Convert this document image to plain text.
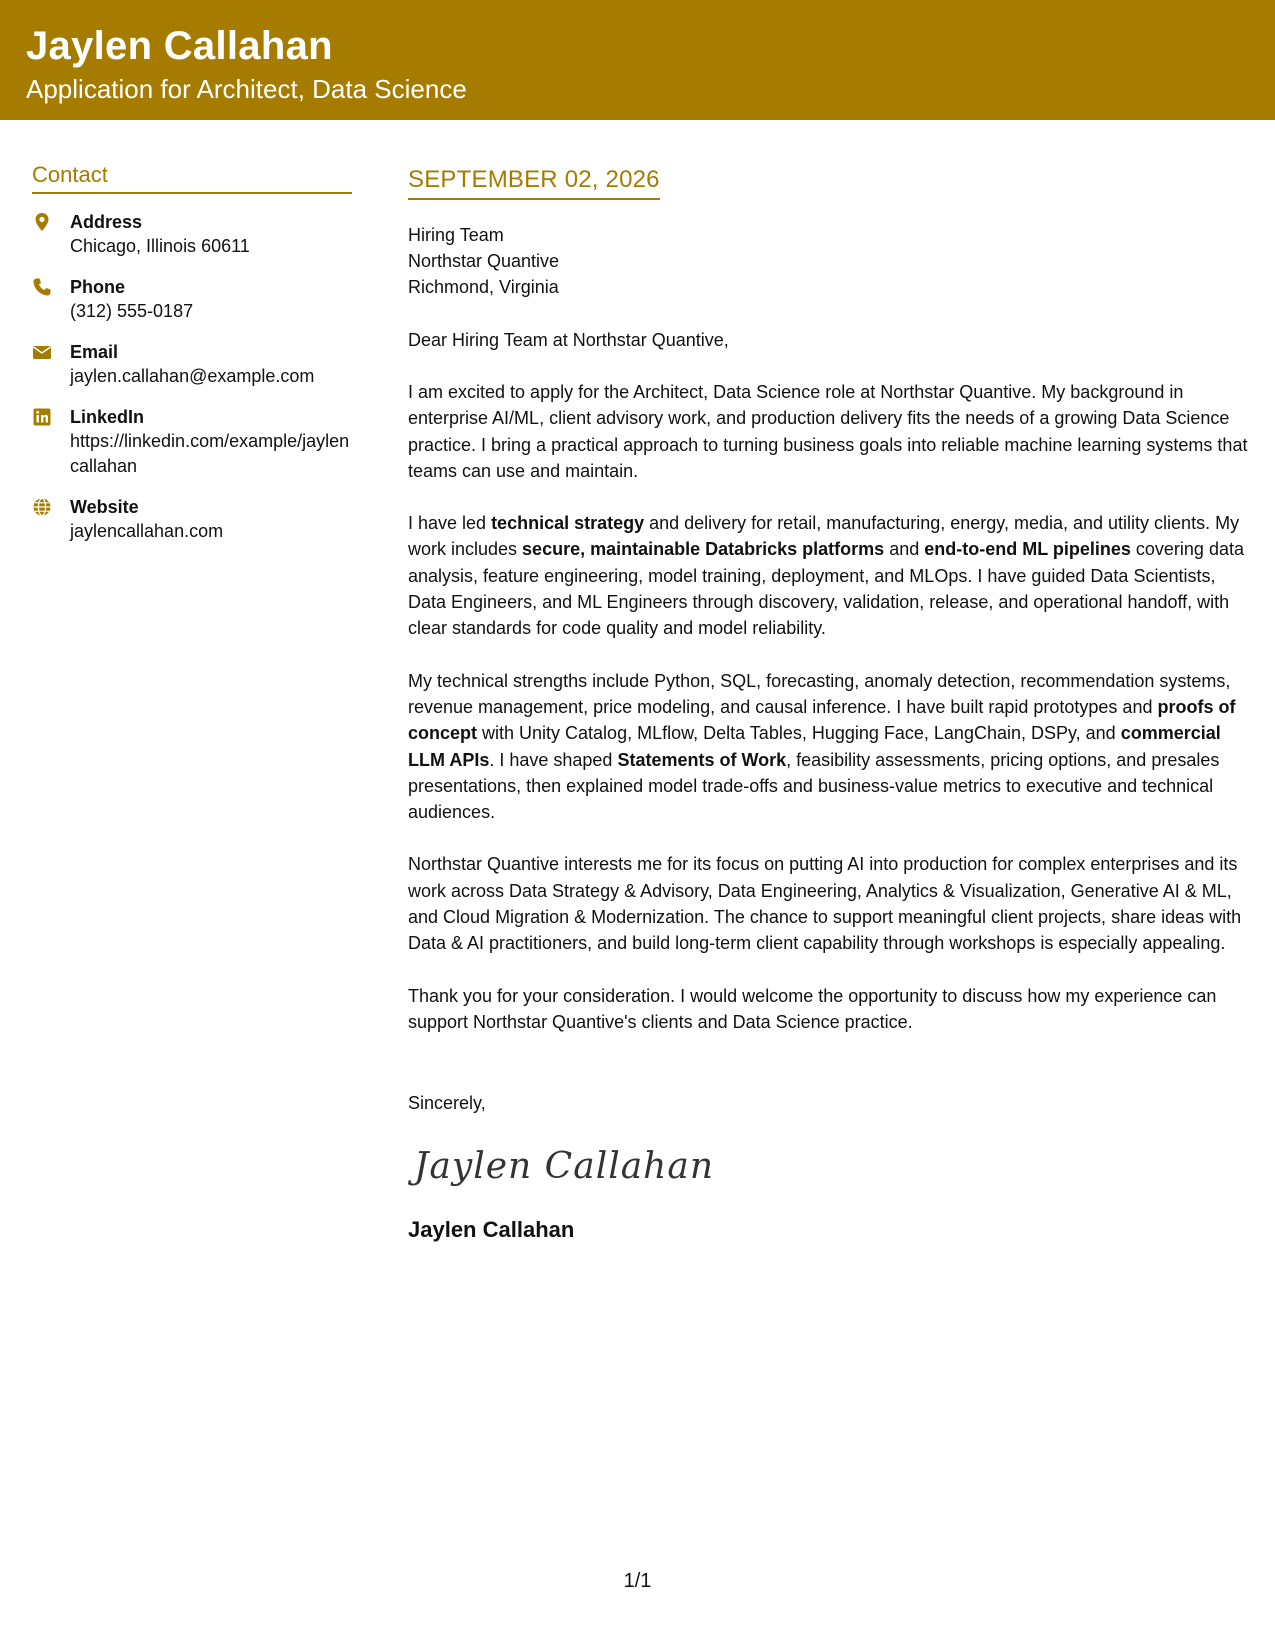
Jaylen Callahan
Application for Architect, Data Science
Contact
Address
Chicago, Illinois 60611
Phone
(312) 555-0187
Email
jaylen.callahan@example.com
LinkedIn
https://linkedin.com/example/jaylencallahan
Website
jaylencallahan.com
SEPTEMBER 02, 2026
Hiring Team
Northstar Quantive
Richmond, Virginia
Dear Hiring Team at Northstar Quantive,
I am excited to apply for the Architect, Data Science role at Northstar Quantive. My background in enterprise AI/ML, client advisory work, and production delivery fits the needs of a growing Data Science practice. I bring a practical approach to turning business goals into reliable machine learning systems that teams can use and maintain.
I have led technical strategy and delivery for retail, manufacturing, energy, media, and utility clients. My work includes secure, maintainable Databricks platforms and end-to-end ML pipelines covering data analysis, feature engineering, model training, deployment, and MLOps. I have guided Data Scientists, Data Engineers, and ML Engineers through discovery, validation, release, and operational handoff, with clear standards for code quality and model reliability.
My technical strengths include Python, SQL, forecasting, anomaly detection, recommendation systems, revenue management, price modeling, and causal inference. I have built rapid prototypes and proofs of concept with Unity Catalog, MLflow, Delta Tables, Hugging Face, LangChain, DSPy, and commercial LLM APIs. I have shaped Statements of Work, feasibility assessments, pricing options, and presales presentations, then explained model trade-offs and business-value metrics to executive and technical audiences.
Northstar Quantive interests me for its focus on putting AI into production for complex enterprises and its work across Data Strategy & Advisory, Data Engineering, Analytics & Visualization, Generative AI & ML, and Cloud Migration & Modernization. The chance to support meaningful client projects, share ideas with Data & AI practitioners, and build long-term client capability through workshops is especially appealing.
Thank you for your consideration. I would welcome the opportunity to discuss how my experience can support Northstar Quantive's clients and Data Science practice.
Sincerely,
Jaylen Callahan
Jaylen Callahan
1/1
